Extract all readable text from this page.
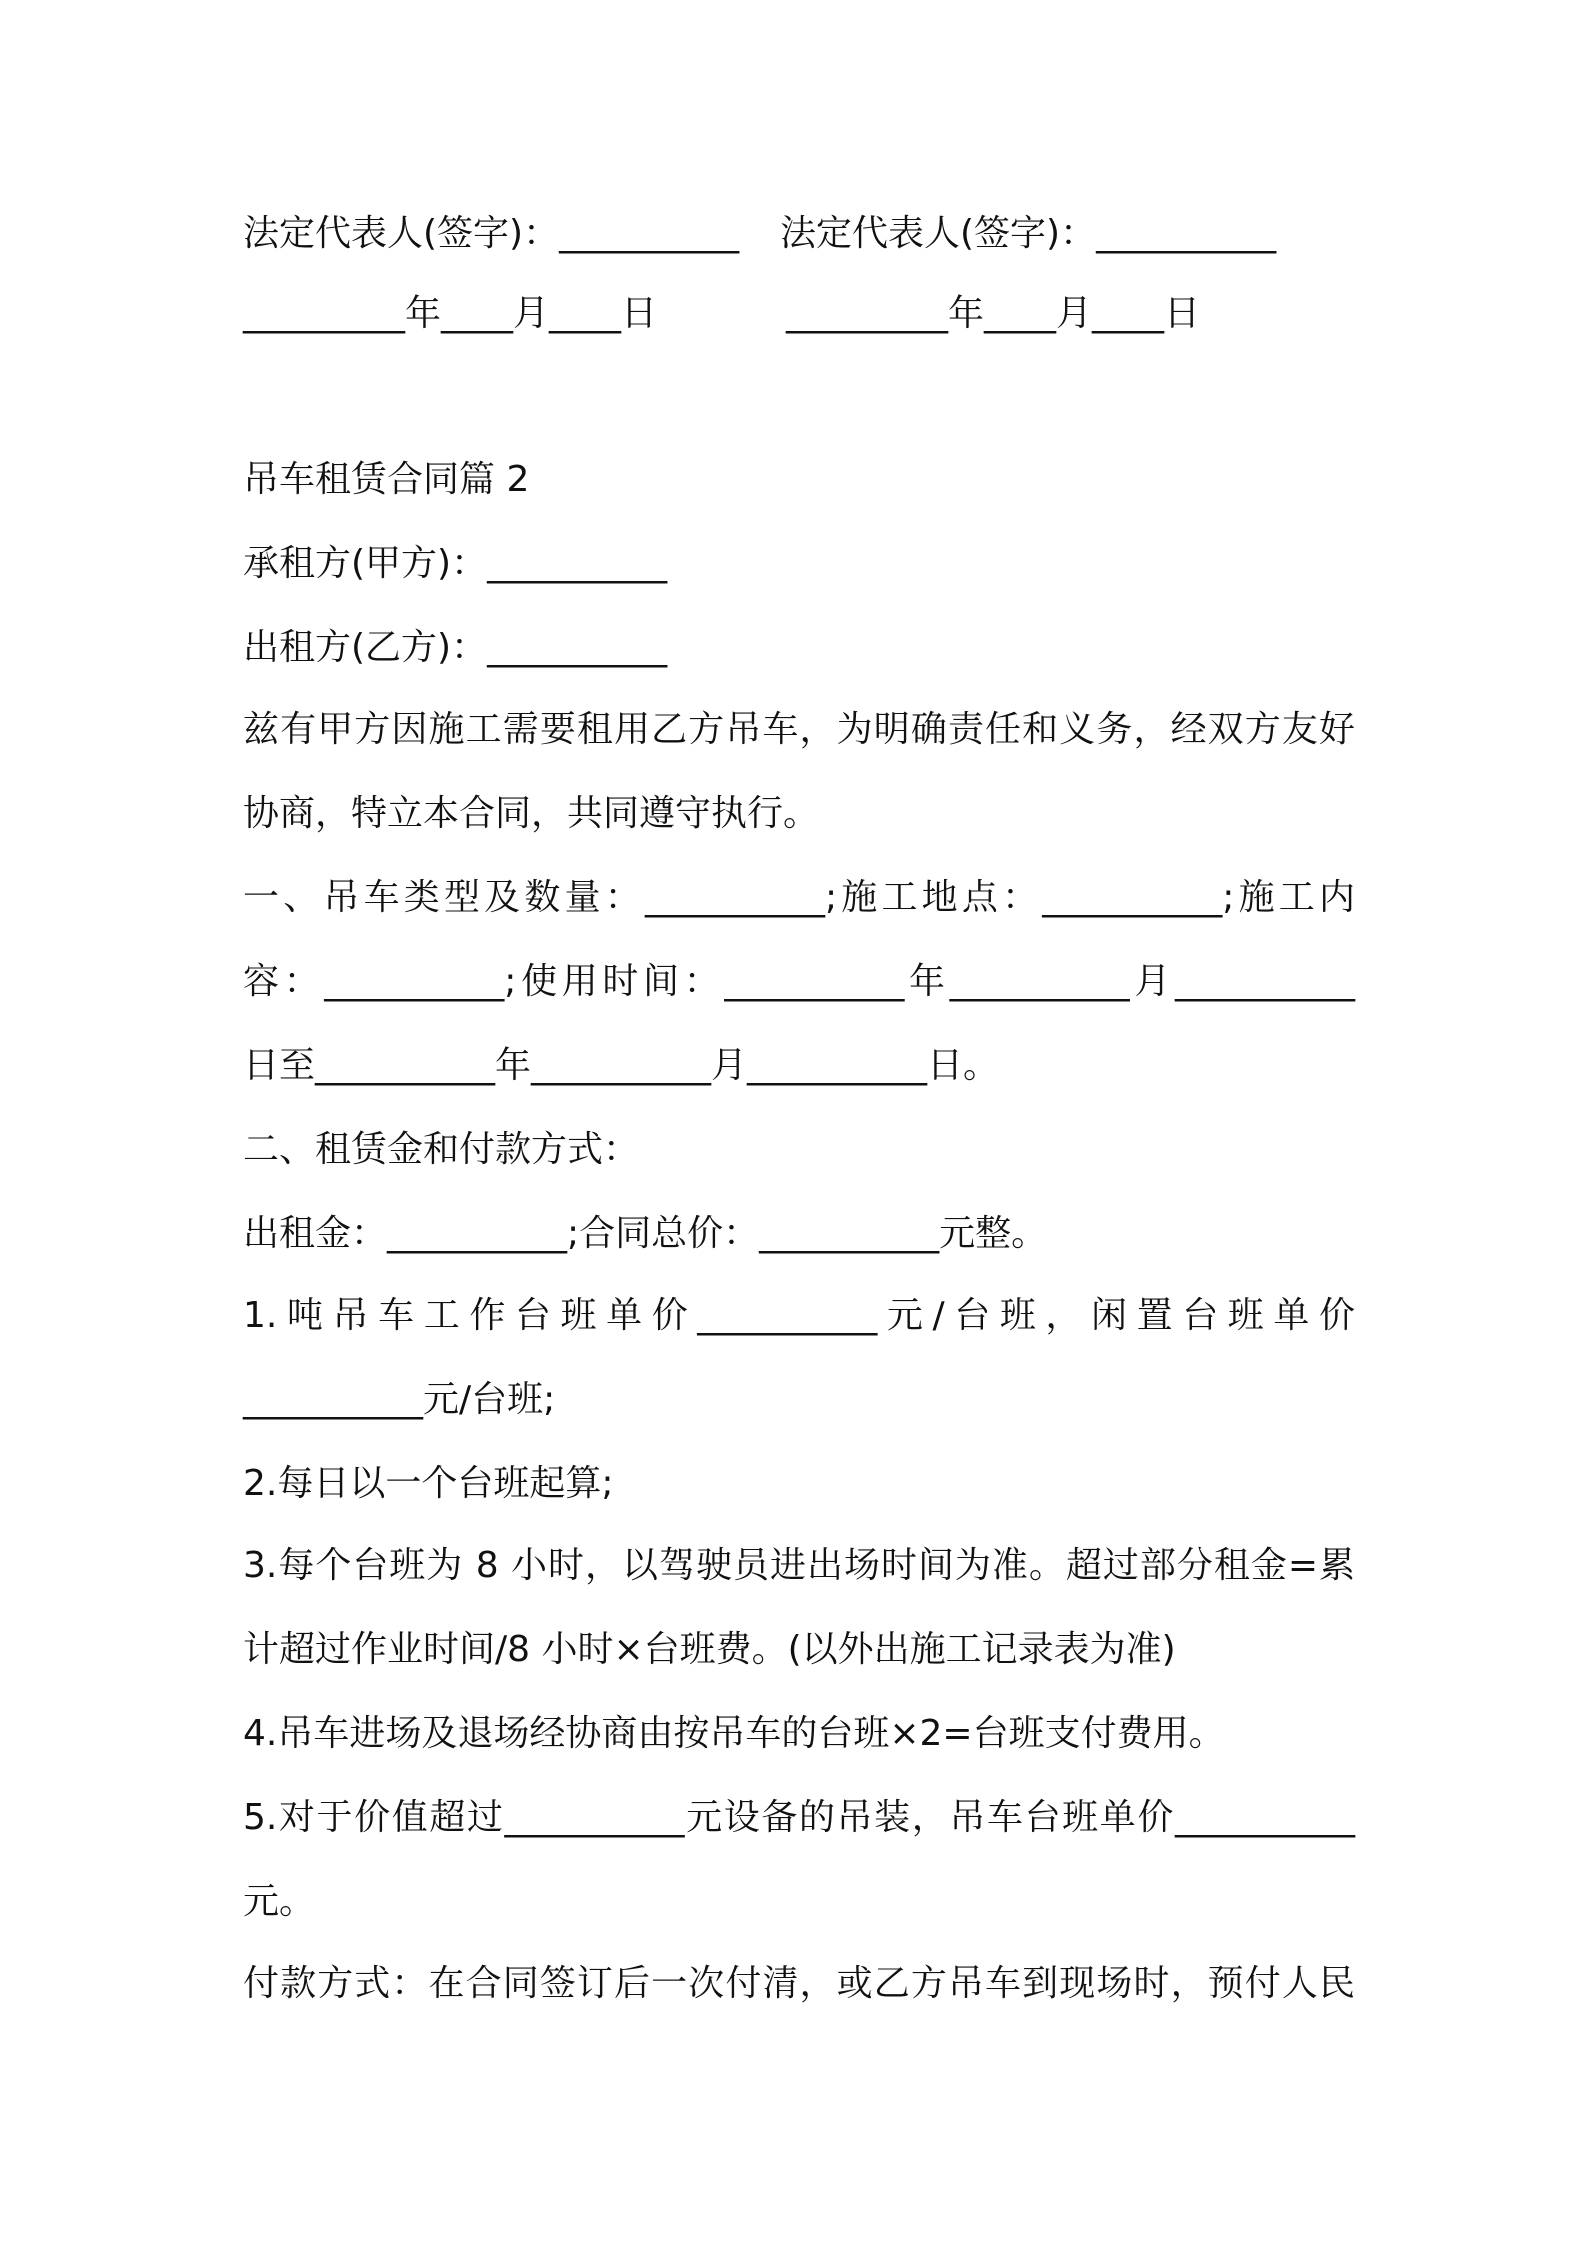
法定代表人(签字)：__________ 法定代表人(签字)：__________

_________年____月____日	_________年____月____日

吊车租赁合同篇 2

承租方(甲方)：__________

出租方(乙方)：__________

兹有甲方因施工需要租用乙方吊车，为明确责任和义务，经双方友好

协商，特立本合同，共同遵守执行。

一、吊车类型及数量：__________;施工地点：__________;施工内

容：__________;使用时间：__________年__________月__________

日至__________年__________月__________日。

二、租赁金和付款方式：

出租金：__________;合同总价：__________元整。

1.吨吊车工作台班单价__________元/台班，闲置台班单价

__________元/台班;

2.每日以一个台班起算;

3.每个台班为 8 小时，以驾驶员进出场时间为准。超过部分租金=累

计超过作业时间/8 小时×台班费。(以外出施工记录表为准)

4.吊车进场及退场经协商由按吊车的台班×2=台班支付费用。

5.对于价值超过__________元设备的吊装，吊车台班单价__________

元。

付款方式：在合同签订后一次付清，或乙方吊车到现场时，预付人民
